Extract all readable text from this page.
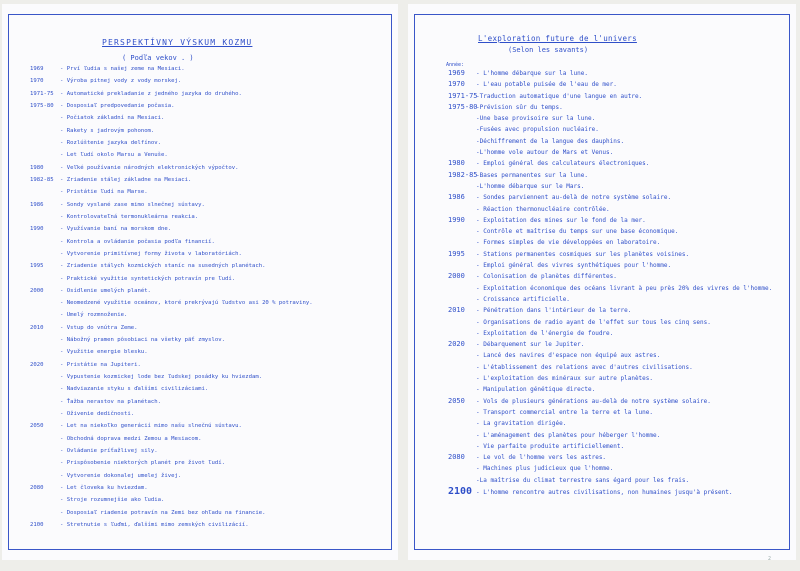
PERSPEKTÍVNY VÝSKUM KOZMU
( Podľa vekov . )
1969	- Prví ľudia s našej zeme na Mesiaci.
1970	- Výroba pitnej vody z vody morskej.
1971-75 - Automatické prekladanie z jedného jazyka do druhého.
1975-80 - Dosposiaľ predpovedanie počasia.
- Počiatok základní na Mesiaci.
- Rakety s jadrovým pohonom.
- Rozlúštenie jazyka delfínov.
- Let ľudí okolo Marsu a Venuše.
1980	- Veľké používanie národných elektronických výpočtov.
1982-85 - Zriadenie stálej základne na Mesiaci.
- Pristátie ľudí na Marse.
1986	- Sondy vyslané zase mimo slnečnej sústavy.
- Kontrolovateľná termonukleárna reakcia.
1990	- Využívanie baní na morskom dne.
- Kontrola a ovládanie počasia podľa financií.
- Vytvorenie primitívnej formy života v laboratóriách.
1995	- Zriadenie stálych kozmických staníc na susedných planétach.
- Praktické využitie syntetických potravín pre ľudí.
2000	- Osídlenie umelých planét.
- Neomedzené využitie oceánov, ktoré prekrývajú ľudstvo asi 20 % potraviny.
- Umelý rozmnoženie.
2010	- Vstup do vnútra Zeme.
- Nábožný pramen pôsobiaci na všetky päť zmyslov.
- Využitie energie blesku.
2020	- Pristátie na Jupiteri.
- Vypustenie kozmickej lode bez ľudskej posádky ku hviezdam.
- Nadviazanie styku s ďalšími civilizáciami.
- Ťažba nerastov na planétach.
- Oživenie dedičnosti.
2050	- Let na niekoľko generácií mimo našu slnečnú sústavu.
- Obchodná doprava medzi Zemou a Mesiacom.
- Ovládanie príťažlivej sily.
- Prispôsobenie niektorých planét pre život ľudí.
- Vytvorenie dokonalej umelej živej.
2080	- Let človeka ku hviezdam.
- Stroje rozumnejšie ako ľudia.
- Dosposiaľ riadenie potravín na Zemi bez ohľadu na financie.
2100	- Stretnutie s ľuďmi, ďalšími mimo zemských civilizácií.
L'exploration future de l'univers
(Selon les savants)
Année:
1969 - L'homme débarque sur la lune.
1970 - L'eau potable puisée de l'eau de mer.
1971-75-Traduction automatique d'une langue en autre.
1975-80-Prévision sûr du temps.
-Une base provisoire sur la lune.
-Fusées avec propulsion nucléaire.
-Déchiffrement de la langue des dauphins.
-L'homme vole autour de Mars et Venus.
1980 - Emploi général des calculateurs électroniques.
1982-85-Bases permanentes sur la lune.
-L'homme débarque sur le Mars.
1986 - Sondes parviennent au-delà de notre système solaire.
- Réaction thermonucléaire contrôlée.
1990 - Exploitation des mines sur le fond de la mer.
- Contrôle et maîtrise du temps sur une base économique.
- Formes simples de vie développées en laboratoire.
1995 - Stations permanentes cosmiques sur les planètes voisines.
- Emploi général des vivres synthétiques pour l'homme.
2000 - Colonisation de planètes différentes.
- Exploitation économique des océans livrant à peu près 20% des vivres de l'homme.
- Croissance artificielle.
2010 - Pénétration dans l'intérieur de la terre.
- Organisations de radio ayant de l'effet sur tous les cinq sens.
- Exploitation de l'énergie de foudre.
2020 - Débarquement sur le Jupiter.
- Lancé des navires d'espace non équipé aux astres.
- L'établissement des relations avec d'autres civilisations.
- L'exploitation des minéraux sur autre planètes.
- Manipulation génétique directe.
2050 - Vols de plusieurs générations au-delà de notre système solaire.
- Transport commercial entre la terre et la lune.
- La gravitation dirigée.
- L'aménagement des planètes pour héberger l'homme.
- Vie parfaite produite artificiellement.
2080 - Le vol de l'homme vers les astres.
- Machines plus judicieux que l'homme.
-La maîtrise du climat terrestre sans égard pour les frais.
2100 - L'homme rencontre autres civilisations, non humaines jusqu'à présent.
2
